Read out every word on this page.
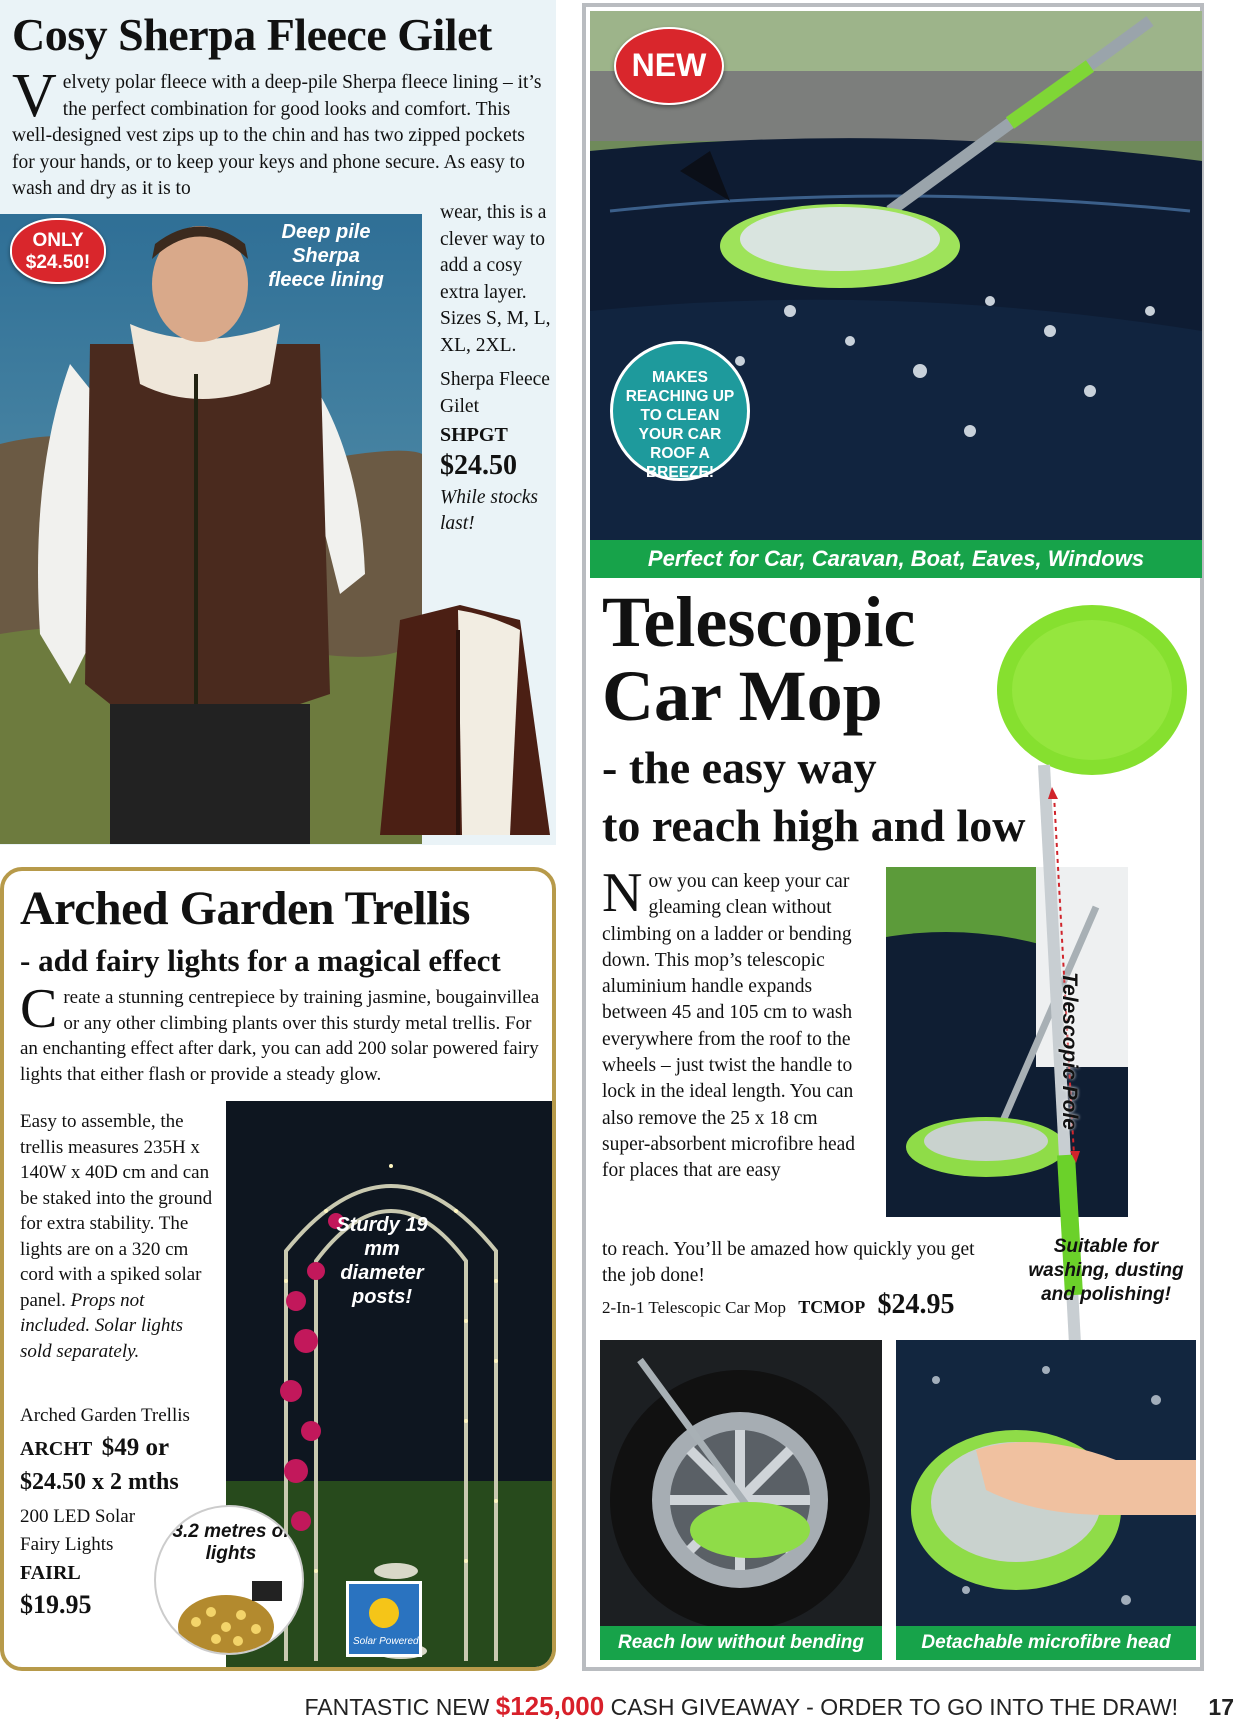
Cosy Sherpa Fleece Gilet
Velvety polar fleece with a deep-pile Sherpa fleece lining – it’s the perfect combination for good looks and comfort. This well-designed vest zips up to the chin and has two zipped pockets for your hands, or to keep your keys and phone secure. As easy to wash and dry as it is to
ONLY
$24.50!
Deep pile Sherpa fleece lining

wear, this is a clever way to add a cosy extra layer. Sizes S, M, L, XL, 2XL.

Sherpa Fleece Gilet

SHPGT

$24.50

While stocks last!

Arched Garden Trellis
- add fairy lights for a magical effect
Create a stunning centrepiece by training jasmine, bougainvillea or any other climbing plants over this sturdy metal trellis. For an enchanting effect after dark, you can add 200 solar powered fairy lights that either flash or provide a steady glow.
Easy to assemble, the trellis measures 235H x 140W x 40D cm and can be staked into the ground for extra stability. The lights are on a 320 cm cord with a spiked solar panel. Props not included. Solar lights sold separately.
Arched Garden Trellis
ARCHT $49 or
$24.50 x 2 mths
200 LED Solar Fairy Lights
FAIRL
$19.95
Sturdy 19 mm diameter posts!
Solar Powered
3.2 metres of lights
NEW
MAKES REACHING UP TO CLEAN YOUR CAR ROOF A BREEZE!
Perfect for Car, Caravan, Boat, Eaves, Windows
Telescopic
Car Mop
- the easy way
to reach high and low
Now you can keep your car gleaming clean without climbing on a ladder or bending down. This mop’s telescopic aluminium handle expands between 45 and 105 cm to wash everywhere from the roof to the wheels – just twist the handle to lock in the ideal length. You can also remove the 25 x 18 cm super-absorbent microfibre head for places that are easy
to reach. You’ll be amazed how quickly you get the job done!
2-In-1 Telescopic Car Mop TCMOP $24.95
Telescopic Pole
Suitable for washing, dusting and polishing!
Reach low without bending	Detachable microfibre head
FANTASTIC NEW $125,000 CASH GIVEAWAY - ORDER TO GO INTO THE DRAW! 17
